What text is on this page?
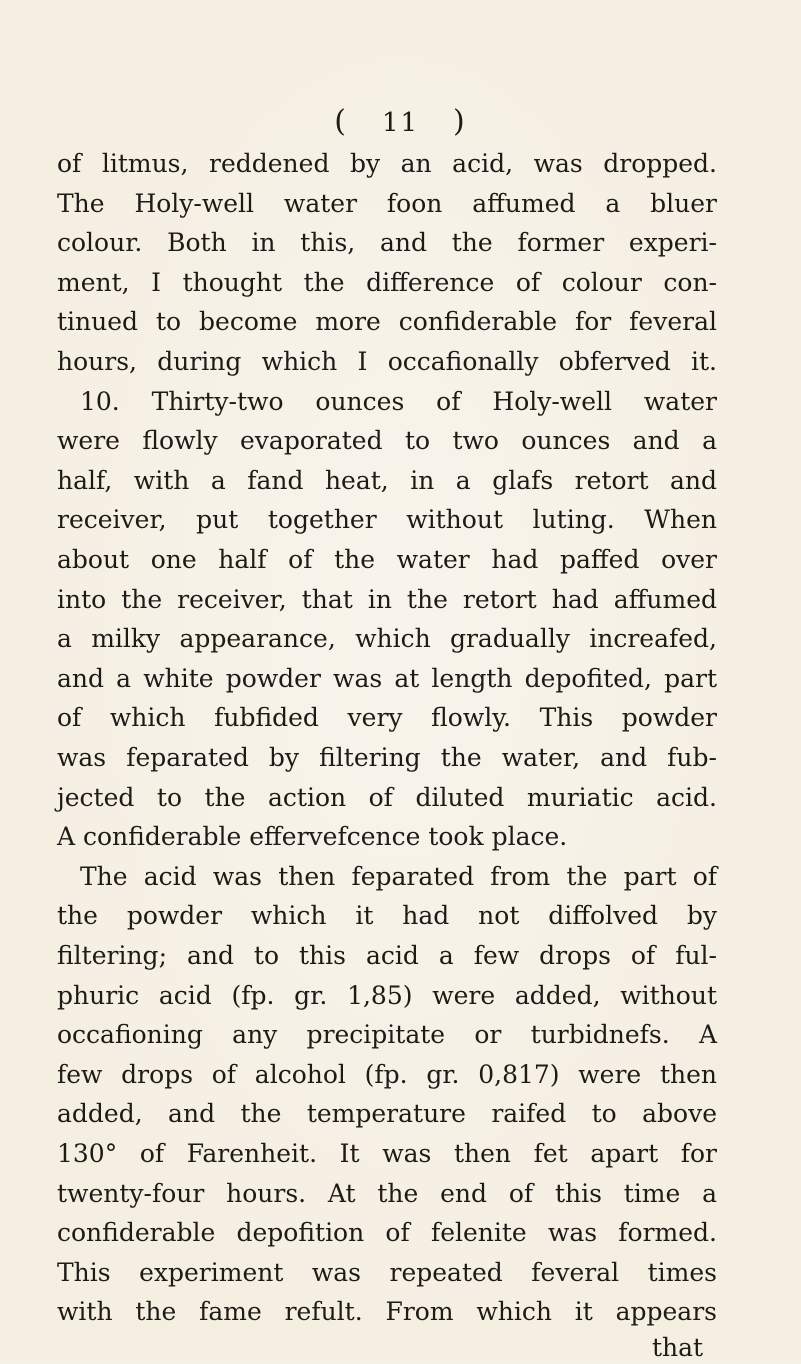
( 11 )
of litmus, reddened by an acid, was dropped.
The Holy-well water foon affumed a bluer
colour. Both in this, and the former experi-
ment, I thought the difference of colour con-
tinued to become more confiderable for feveral
hours, during which I occafionally obferved it.
10. Thirty-two ounces of Holy-well water
were flowly evaporated to two ounces and a
half, with a fand heat, in a glafs retort and
receiver, put together without luting. When
about one half of the water had paffed over
into the receiver, that in the retort had affumed
a milky appearance, which gradually increafed,
and a white powder was at length depofited, part
of which fubfided very flowly. This powder
was feparated by filtering the water, and fub-
jected to the action of diluted muriatic acid.
A confiderable effervefcence took place.
The acid was then feparated from the part of
the powder which it had not diffolved by
filtering; and to this acid a few drops of ful-
phuric acid (fp. gr. 1,85) were added, without
occafioning any precipitate or turbidnefs. A
few drops of alcohol (fp. gr. 0,817) were then
added, and the temperature raifed to above
130° of Farenheit. It was then fet apart for
twenty-four hours. At the end of this time a
confiderable depofition of felenite was formed.
This experiment was repeated feveral times
with the fame refult. From which it appears
that
